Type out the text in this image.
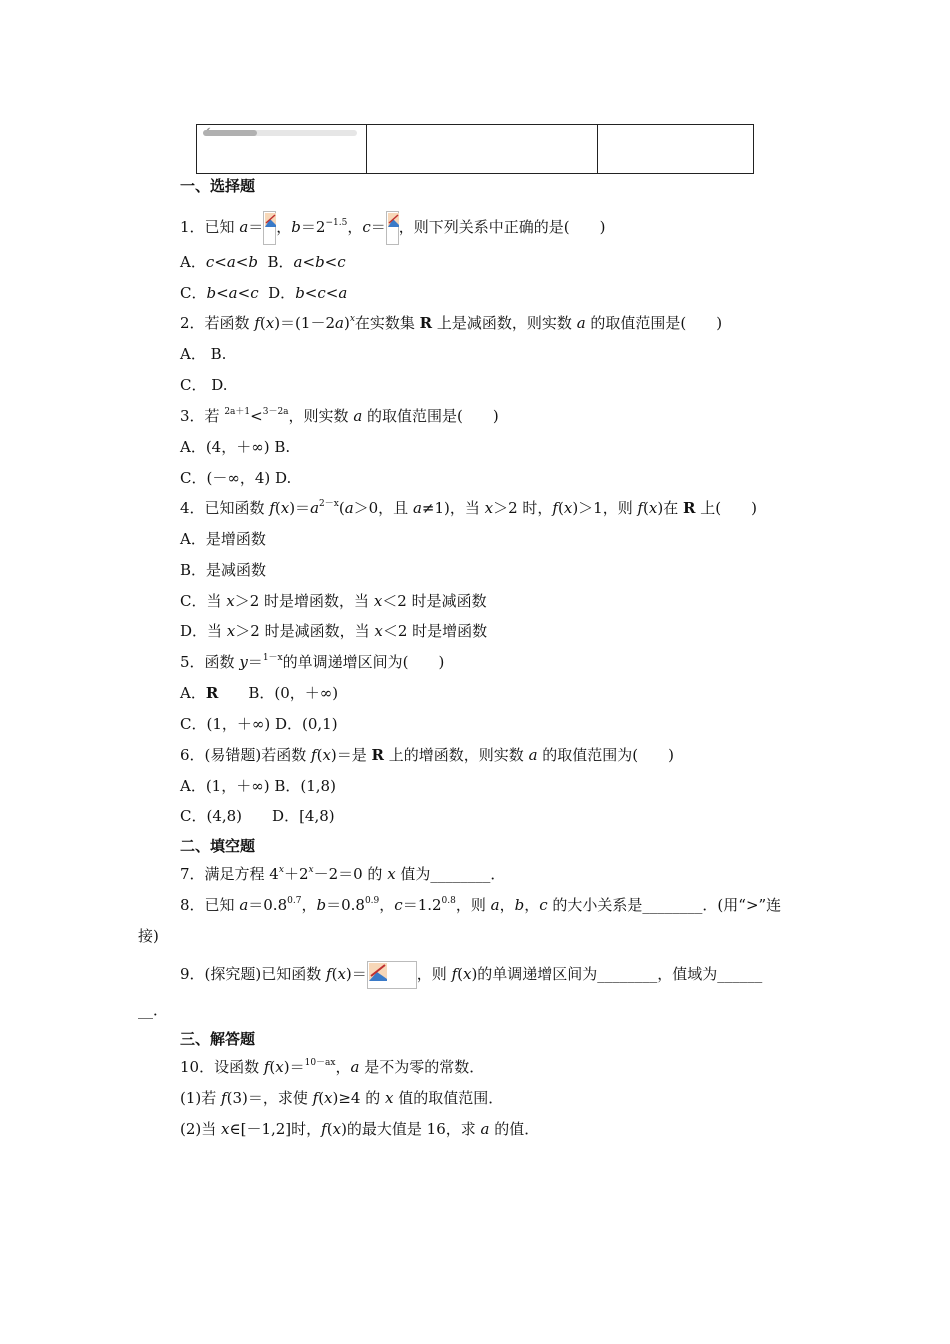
一、选择题
1．已知 a＝ ，$b=2^{-1.5}$，c＝ ，则下列关系中正确的是(　　)
A．c<a<b  B．a<b<c
C．b<a<c  D．b<c<a
2．若函数 $f(x)=(1-2a)^x$在实数集 R 上是减函数，则实数 a 的取值范围是(　　)
A． B.
C． D.
3．若 $^{2a+1}$<$^{3-2a}$，则实数 a 的取值范围是(　　)
A．(4，＋∞) B.
C．(－∞，4) D.
4．已知函数 $f(x)=a^{2-x}(a>0$，且 a≠1)，当 x＞2 时，f(x)＞1，则 f(x)在 R 上(　　)
A．是增函数
B．是减函数
C．当 x＞2 时是增函数，当 x＜2 时是减函数
D．当 x＞2 时是减函数，当 x＜2 时是增函数
5．函数 y＝$^{1-x}$的单调递增区间为(　　)
A．R B．(0，＋∞)
C．(1，＋∞) D．(0,1)
6．(易错题)若函数 f(x)＝是 R 上的增函数，则实数 a 的取值范围为(　　)
A．(1，＋∞) B．(1,8)
C．(4,8) D．[4,8)
二、填空题
7．满足方程 $4^x+2^x-2=0$ 的 x 值为________．
8．已知 $a=0.8^{0.7}$，$b=0.8^{0.9}$，$c=1.2^{0.8}$，则 a，b，c 的大小关系是________．(用“>”连
接)
9．(探究题)已知函数 f(x)＝	，则 f(x)的单调递增区间为________，值域为______
__．
三、解答题
10．设函数 f(x)＝$^{10-ax}$，a 是不为零的常数．
(1)若 f(3)＝，求使 f(x)≥4 的 x 值的取值范围．
(2)当 x∈[－1,2]时，f(x)的最大值是 16，求 a 的值．
